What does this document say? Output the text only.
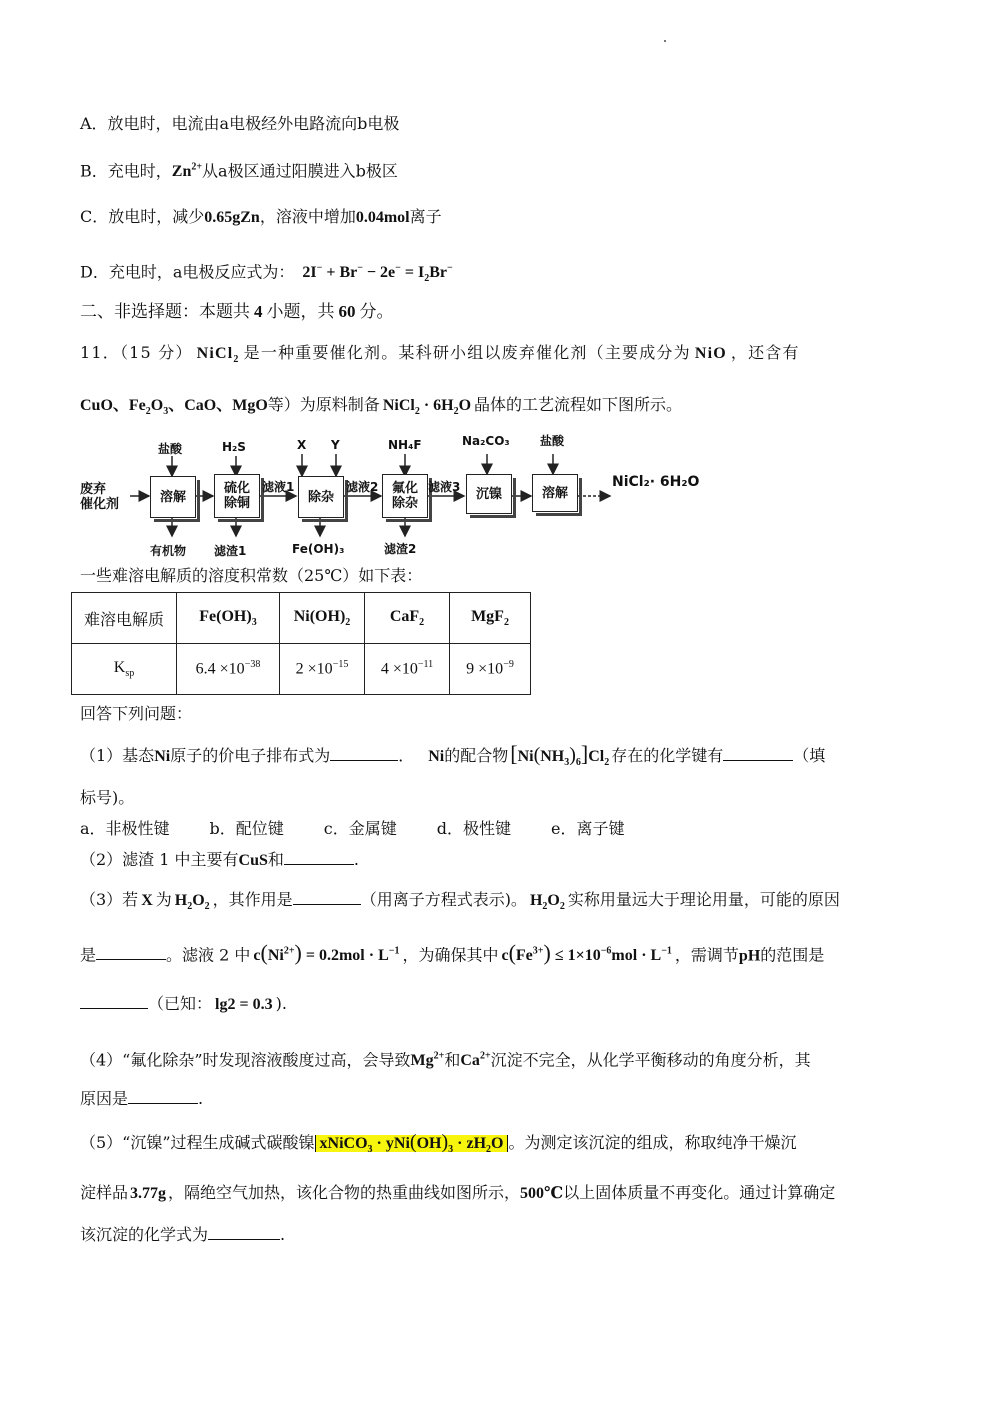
A．放电时，电流由a电极经外电路流向b电极
B．充电时，$Zn^{2+}$从a极区通过阳膜进入b极区
C．放电时，减少0.65gZn，溶液中增加0.04mol离子
D．充电时，a电极反应式为： $2I^- + Br^- - 2e^- = I_2Br^-$
二、非选择题：本题共 4 小题，共 60 分。
11．（15 分） NiCl$_2$ 是一种重要催化剂。某科研小组以废弃催化剂（主要成分为 NiO ，还含有
CuO、$Fe_2O_3$、CaO、MgO等）为原料制备 NiCl$_2$ · $6H_2O$ 晶体的工艺流程如下图所示。
废弃
催化剂	溶解
硫化
除铜	除杂
氟化
除杂
沉镍	溶解
盐酸	H₂S	X Y	NH₄F	Na₂CO₃	盐酸
滤液1	滤液2	滤液3
有机物 滤渣1	Fe(OH)₃	滤渣2
NiCl₂· 6H₂O
一些难溶电解质的溶度积常数（25℃）如下表：
难溶电解质	$Fe(OH)_3$	$Ni(OH)_2$	CaF$_2$	MgF$_2$
$K_{sp}$	$6.4 \times 10^{-38}$	$2 \times 10^{-15}$	$4 \times 10^{-11}$	$9 \times 10^{-9}$
回答下列问题：
（1）基态Ni原子的价电子排布式为	． Ni的配合物$[Ni(NH_3)_6]Cl_2$ 存在的化学键有	（填
标号)。
a．非极性键	b．配位键	c．金属键	d．极性键	e．离子键
（2）滤渣 1 中主要有CuS和	.
（3）若 X 为 $H_2O_2$ ，其作用是	（用离子方程式表示)。 $H_2O_2$ 实称用量远大于理论用量，可能的原因
是	。滤液 2 中 $c(Ni^{2+}) = 0.2mol \cdot L^{-1}$ ，为确保其中 $c(Fe^{3+}) \le 1\times 10^{-6}mol \cdot L^{-1}$ ，需调节pH的范围是
（已知： lg2 = 0.3 ).
（4）“氟化除杂”时发现溶液酸度过高，会导致$Mg^{2+}$和$Ca^{2+}$沉淀不完全，从化学平衡移动的角度分析，其
原因是	.
（5）“沉镍”过程生成碱式碳酸镍 xNiCO$_3$ · $yNi(OH)_3 \cdot zH_2O$ 。为测定该沉淀的组成，称取纯净干燥沉
淀样品 3.77g ，隔绝空气加热，该化合物的热重曲线如图所示，500℃以上固体质量不再变化。通过计算确定
该沉淀的化学式为	.
